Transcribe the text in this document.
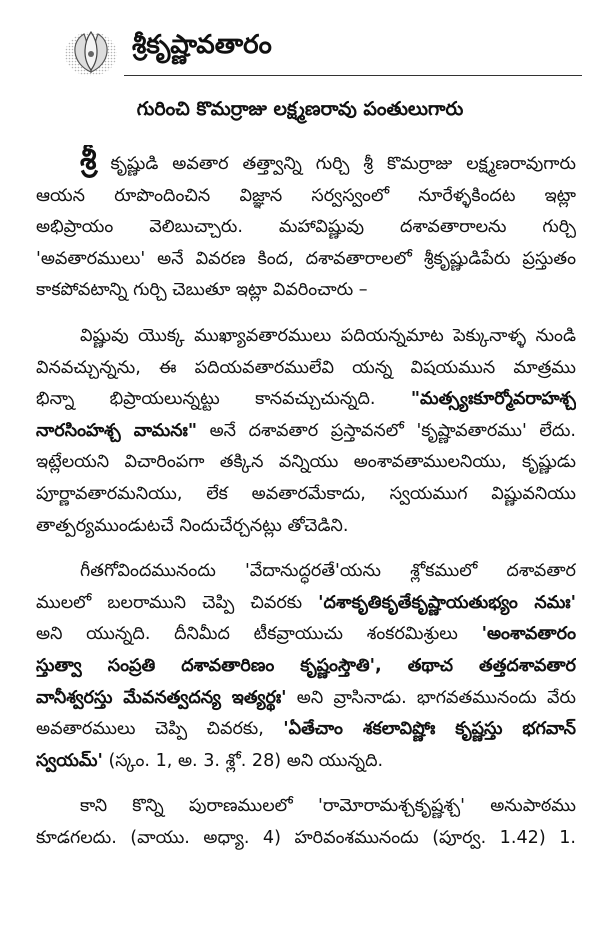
శ్రీకృష్ణావతారం
గురించి కొమర్రాజు లక్ష్మణరావు పంతులుగారు
శ్రీ కృష్ణుడి అవతార తత్త్వాన్ని గుర్చి శ్రీ కొమర్రాజు లక్ష్మణరావుగారు
ఆయన రూపొందించిన విజ్ఞాన సర్వస్వంలో నూరేళ్ళకిందట ఇట్లా
అభిప్రాయం వెలిబుచ్చారు. మహావిష్ణువు దశావతారాలను గుర్చి
'అవతారములు' అనే వివరణ కింద, దశావతారాలలో శ్రీకృష్ణుడిపేరు ప్రస్తుతం
కాకపోవటాన్ని గుర్చి చెబుతూ ఇట్లా వివరించారు –
విష్ణువు యొక్క ముఖ్యావతారములు పదియన్నమాట పెక్కునాళ్ళ నుండి
వినవచ్చున్నను, ఈ పదియవతారములేవి యన్న విషయమున మాత్రము
భిన్నా భిప్రాయలున్నట్టు కానవచ్చుచున్నది. "మత్స్యఃకూర్మోవరాహశ్చ
నారసింహశ్చ వామనః" అనే దశావతార ప్రస్తావనలో 'కృష్ణావతారము' లేదు.
ఇట్లేలయని విచారింపగా తక్కిన వన్నియు అంశావతాములనియు, కృష్ణుడు
పూర్ణావతారమనియు, లేక అవతారమేకాదు, స్వయముగ విష్ణువనియు
తాత్పర్యముండుటచే నిందుచేర్చనట్లు తోచెడిని.
గీతగోవిందమునందు 'వేదానుద్ధరతే'యను శ్లోకములో దశావతార
ములలో బలరాముని చెప్పి చివరకు 'దశాకృతికృతేకృష్ణాయతుభ్యం నమః'
అని యున్నది. దీనిమీద టీకవ్రాయుచు శంకరమిశ్రులు 'అంశావతారం
స్తుత్వా సంప్రతి దశావతారిణం కృష్ణంస్తౌతి', తథాచ తత్తదశావతార
వానీశ్వరస్తు మేవనత్వదన్య ఇత్యర్థః' అని వ్రాసినాడు. భాగవతమునందు వేరు
అవతారములు చెప్పి చివరకు, 'ఏతేచాం శకలావిష్ణోః కృష్ణస్తు భగవాన్
స్వయమ్' (స్కం. 1, అ. 3. శ్లో. 28) అని యున్నది.
కాని కొన్ని పురాణములలో 'రామోరామశ్చకృష్ణశ్చ' అనుపాఠము
కూడగలదు. (వాయు. అధ్యా. 4) హరివంశమునందు (పూర్వ. 1.42) 1.
